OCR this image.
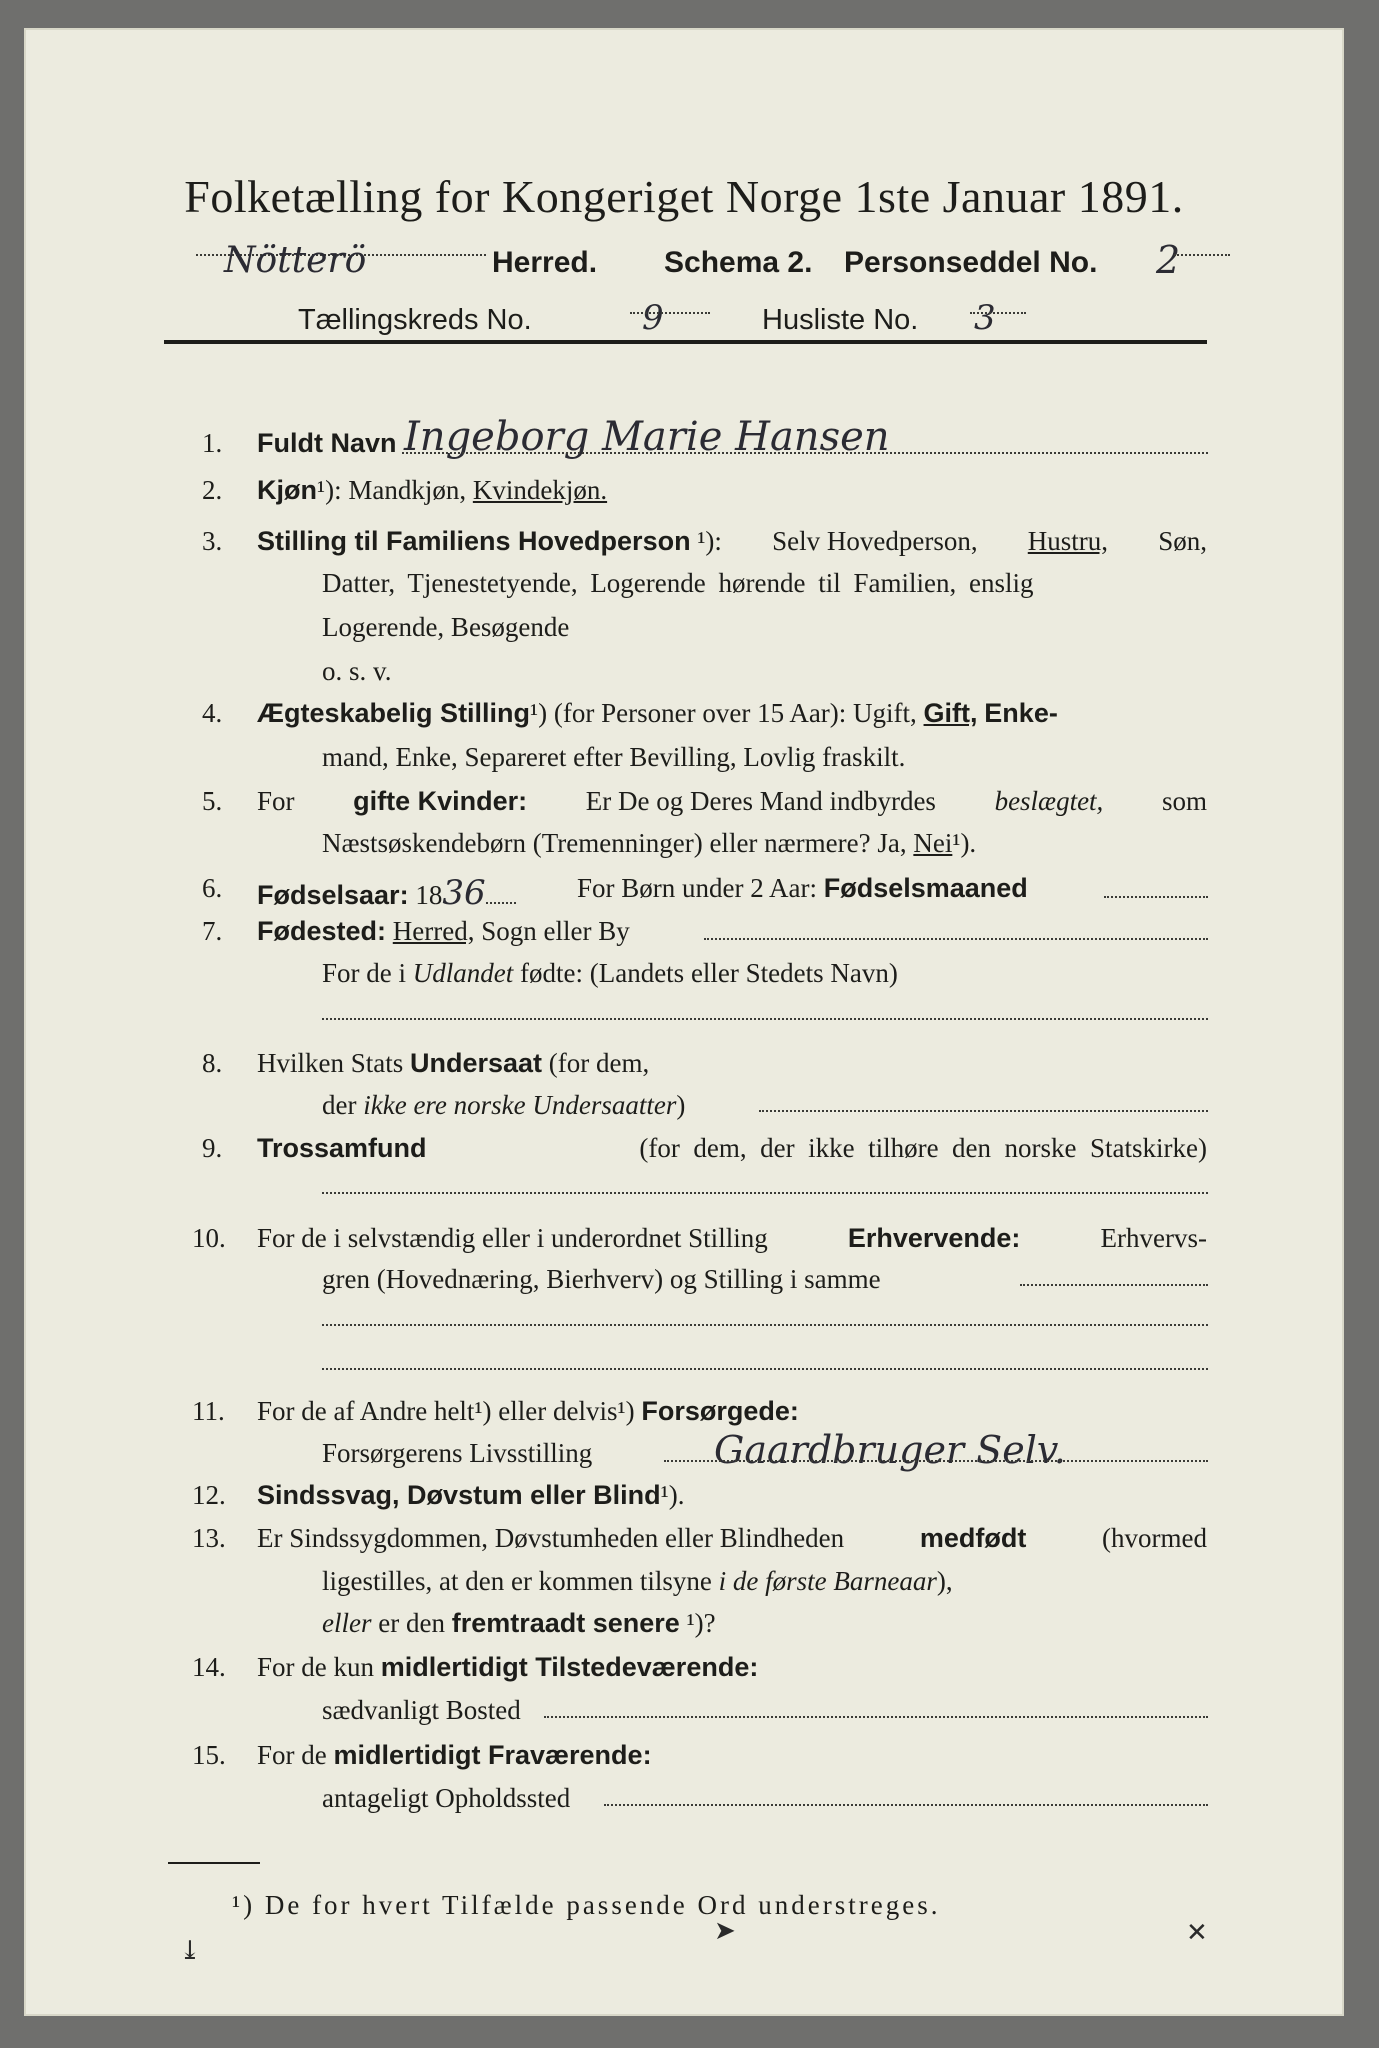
Folketælling for Kongeriget Norge 1ste Januar 1891.
Nötterö	Herred. Schema 2. Personseddel No. 2
Tællingskreds No.	9	Husliste No. 3
1.	Fuldt Navn Ingeborg Marie Hansen
2.	Kjøn¹): Mandkjøn, Kvindekjøn.
3.	Stilling til Familiens Hovedperson ¹): Selv Hovedperson, Hustru, Søn,
Datter, Tjenestetyende, Logerende hørende til Familien, enslig
Logerende, Besøgende
o. s. v.
4.	Ægteskabelig Stilling¹) (for Personer over 15 Aar): Ugift, Gift, Enke-
mand, Enke, Separeret efter Bevilling, Lovlig fraskilt.
5.	For gifte Kvinder: Er De og Deres Mand indbyrdes beslægtet, som
Næstsøskendebørn (Tremenninger) eller nærmere? Ja, Nei¹).
6.	Fødselsaar: 1836	For Børn under 2 Aar: Fødselsmaaned
7.	Fødested: Herred, Sogn eller By
For de i Udlandet fødte: (Landets eller Stedets Navn)
8.	Hvilken Stats Undersaat (for dem,
der ikke ere norske Undersaatter)
9.	Trossamfund	(for  dem,  der  ikke  tilhøre  den  norske  Statskirke)
10.	For de i selvstændig eller i underordnet Stilling	Erhvervende:	Erhvervs-
gren (Hovednæring, Bierhverv) og Stilling i samme
11.	For de af Andre helt¹) eller delvis¹) Forsørgede:
Forsørgerens Livsstilling	Gaardbruger Selv.
12.	Sindssvag, Døvstum eller Blind¹).
13.	Er Sindssygdommen, Døvstumheden eller Blindheden	medfødt	(hvormed
ligestilles, at den er kommen tilsyne i de første Barneaar),
eller er den fremtraadt senere ¹)?
14.	For de kun midlertidigt Tilstedeværende:
sædvanligt Bosted
15.	For de midlertidigt Fraværende:
antageligt Opholdssted
¹) De for hvert Tilfælde passende Ord understreges.
⤓
➤	✕
